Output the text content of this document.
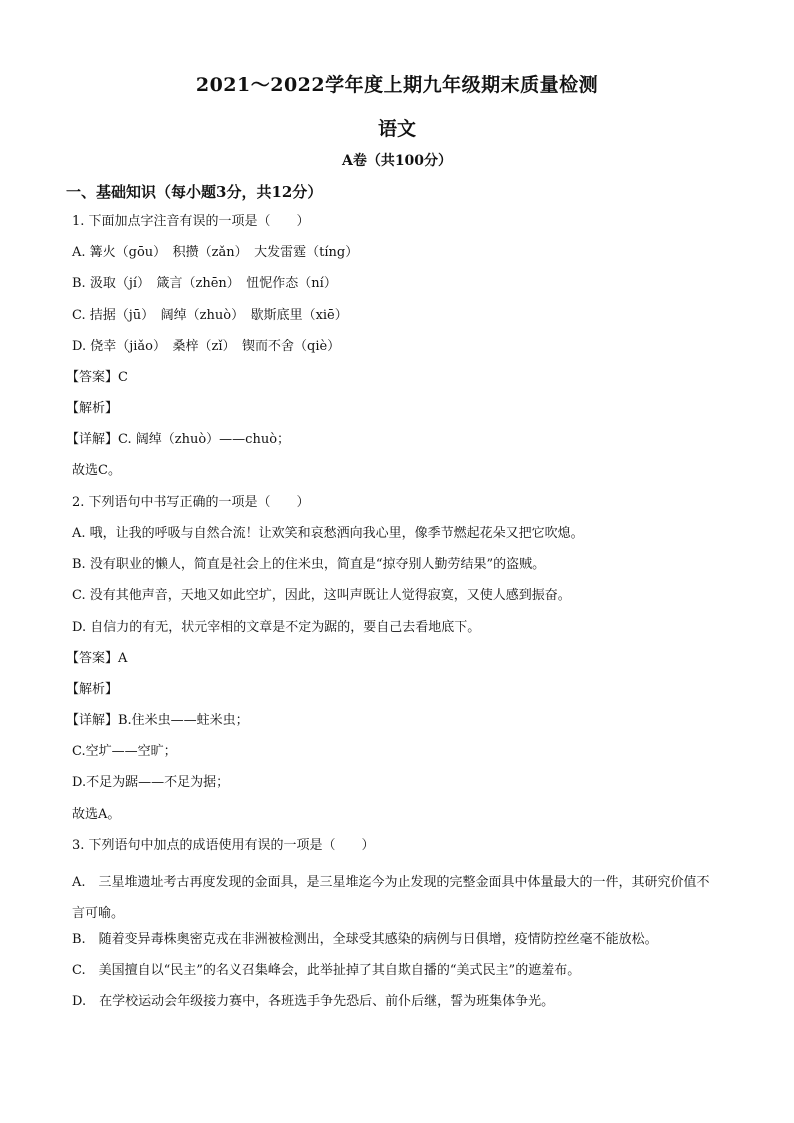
2021～2022学年度上期九年级期末质量检测
语文
A卷（共100分）
一、基础知识（每小题3分，共12分）
1. 下面加点字注音有误的一项是（　　）
A. 篝火（gōu）　积攒（zǎn）　大发雷霆（tíng）
B. 汲取（jí）　箴言（zhēn）　忸怩作态（ní）
C. 拮据（jū）　阔绰（zhuò）　歇斯底里（xiē）
D. 侥幸（jiǎo）　桑梓（zǐ）　锲而不舍（qiè）
【答案】C
【解析】
【详解】C. 阔绰（zhuò）——chuò；
故选C。
2. 下列语句中书写正确的一项是（　　）
A. 哦，让我的呼吸与自然合流！让欢笑和哀愁洒向我心里，像季节燃起花朵又把它吹熄。
B. 没有职业的懒人，简直是社会上的住米虫，简直是“掠夺别人勤劳结果”的盗贼。
C. 没有其他声音，天地又如此空圹，因此，这叫声既让人觉得寂寞，又使人感到振奋。
D. 自信力的有无，状元宰相的文章是不定为踞的，要自己去看地底下。
【答案】A
【解析】
【详解】B.住米虫——蛀米虫；
C.空圹——空旷；
D.不足为踞——不足为据；
故选A。
3. 下列语句中加点的成语使用有误的一项是（　　）
A.　三星堆遗址考古再度发现的金面具，是三星堆迄今为止发现的完整金面具中体量最大的一件，其研究价值不言可喻。
B.　随着变异毒株奥密克戎在非洲被检测出，全球受其感染的病例与日俱增，疫情防控丝毫不能放松。
C.　美国擅自以“民主”的名义召集峰会，此举扯掉了其自欺自播的“美式民主”的遮羞布。
D.　在学校运动会年级接力赛中，各班选手争先恐后、前仆后继，誓为班集体争光。
